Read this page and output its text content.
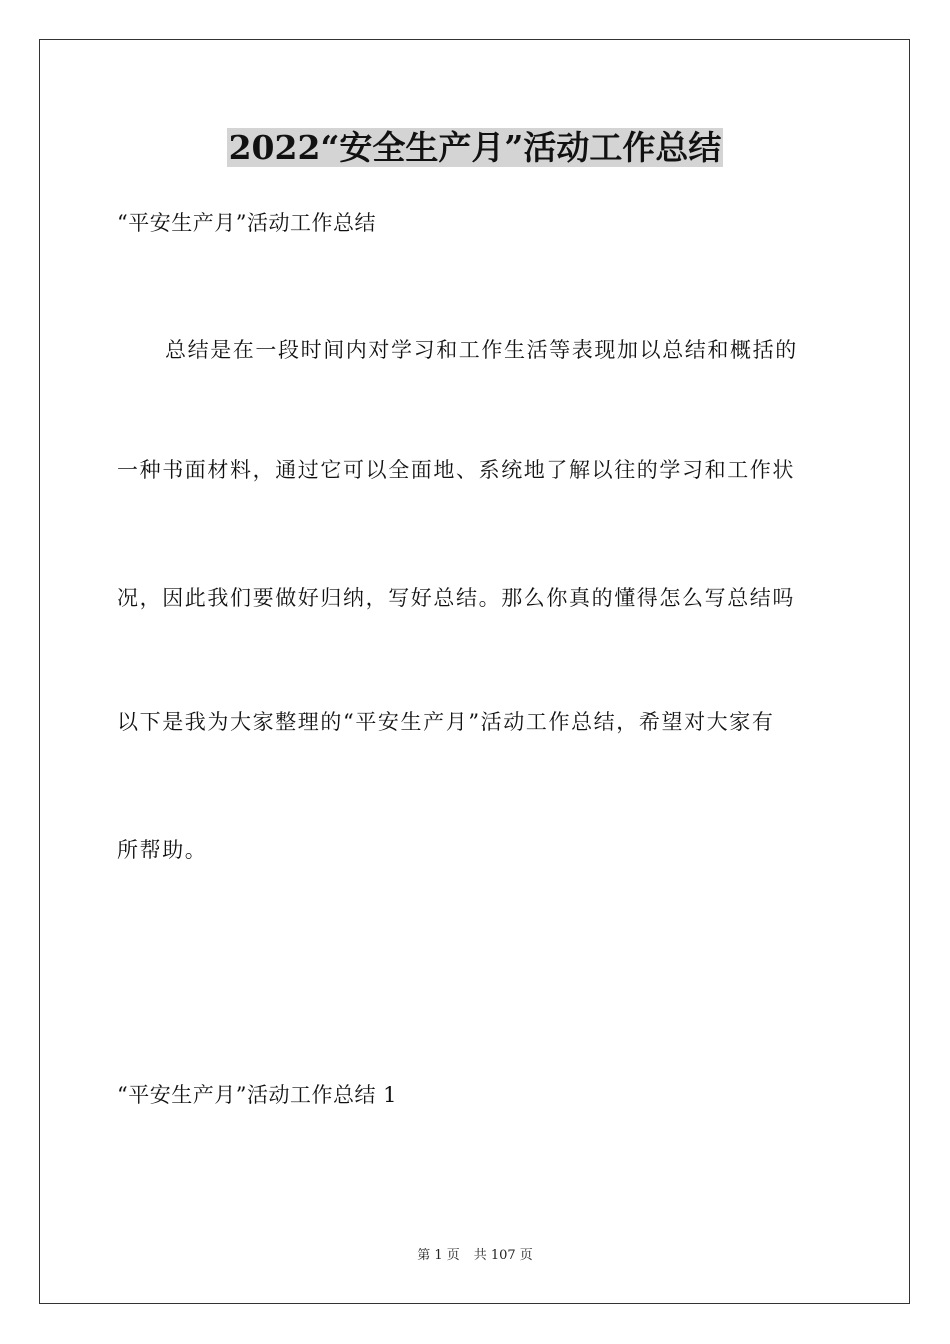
2022“安全生产月”活动工作总结
“平安生产月”活动工作总结
总结是在一段时间内对学习和工作生活等表现加以总结和概括的
一种书面材料，通过它可以全面地、系统地了解以往的学习和工作状
况，因此我们要做好归纳，写好总结。那么你真的懂得怎么写总结吗
以下是我为大家整理的“平安生产月”活动工作总结，希望对大家有
所帮助。
“平安生产月”活动工作总结 1
第 1 页 共 107 页
